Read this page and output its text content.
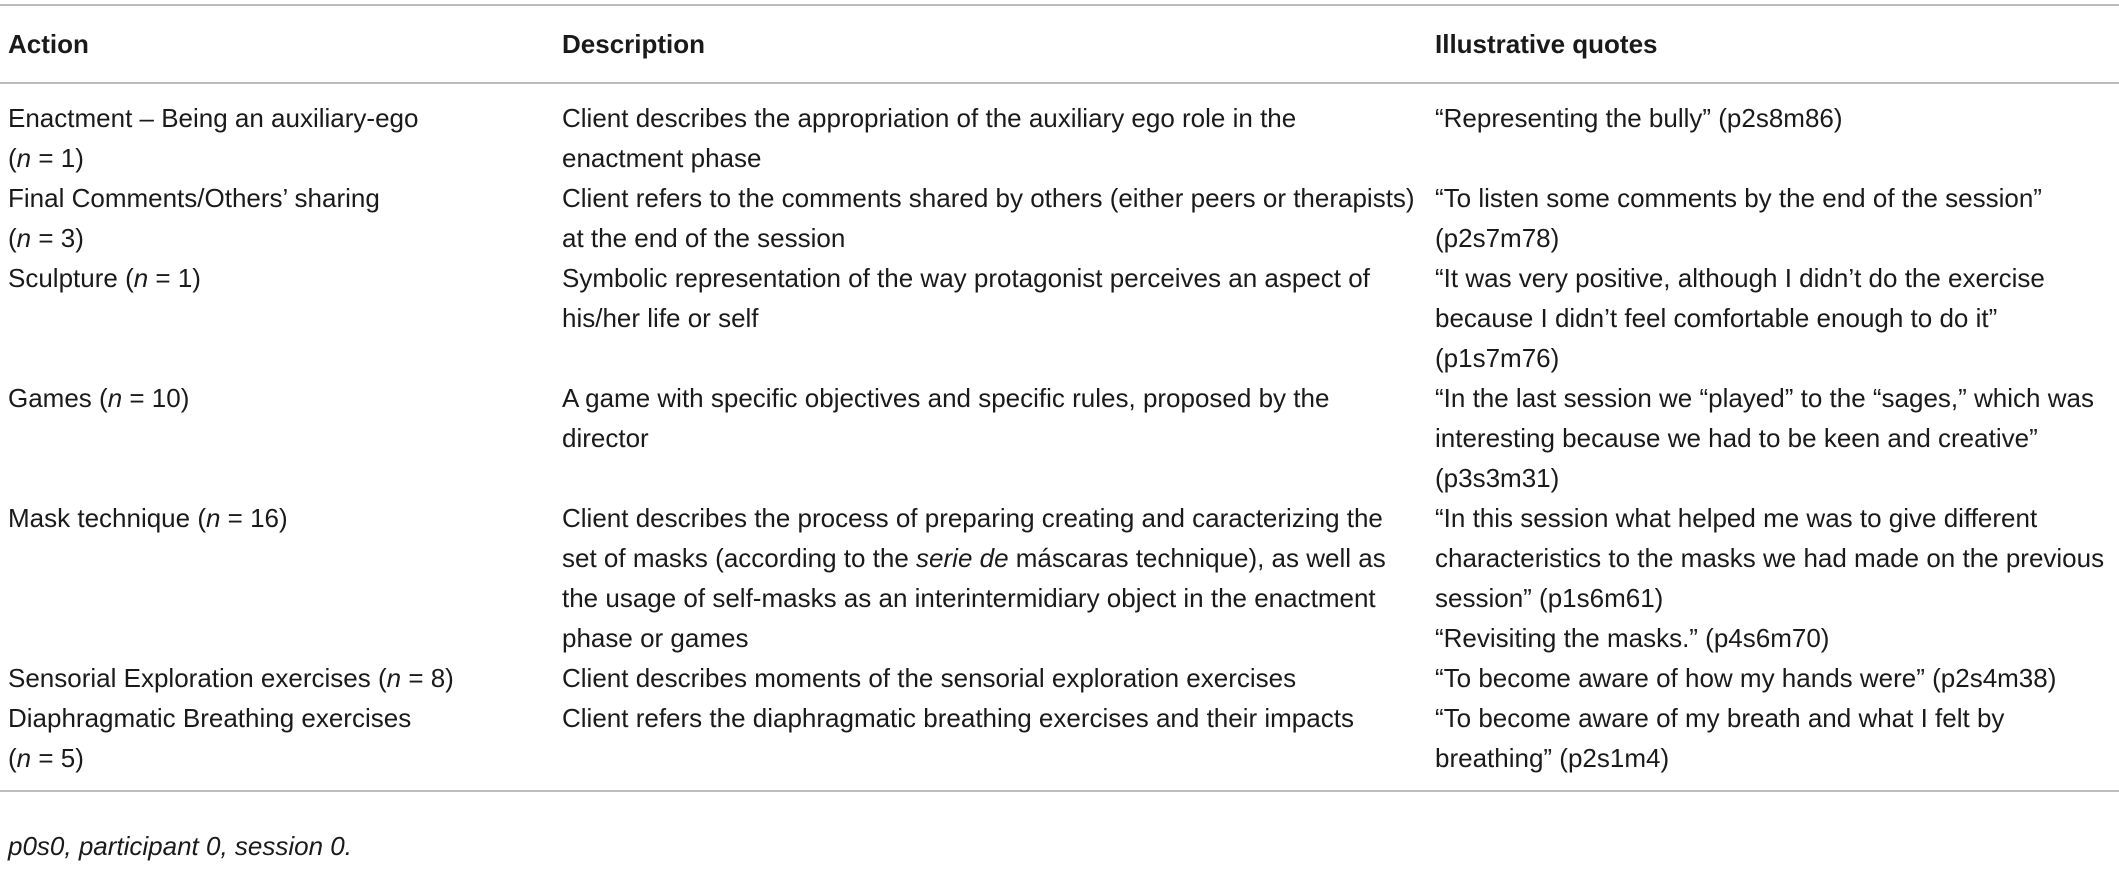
Action	Description	Illustrative quotes
Enactment – Being an auxiliary-ego
(n = 1)	Client describes the appropriation of the auxiliary ego role in the enactment phase	“Representing the bully” (p2s8m86)
Final Comments/Others’ sharing
(n = 3)	Client refers to the comments shared by others (either peers or therapists) at the end of the session	“To listen some comments by the end of the session” (p2s7m78)
Sculpture (n = 1)	Symbolic representation of the way protagonist perceives an aspect of his/her life or self	“It was very positive, although I didn’t do the exercise because I didn’t feel comfortable enough to do it” (p1s7m76)
Games (n = 10)	A game with specific objectives and specific rules, proposed by the director	“In the last session we “played” to the “sages,” which was interesting because we had to be keen and creative” (p3s3m31)
Mask technique (n = 16)	Client describes the process of preparing creating and caracterizing the set of masks (according to the serie de máscaras technique), as well as the usage of self-masks as an interintermidiary object in the enactment phase or games	“In this session what helped me was to give different characteristics to the masks we had made on the previous session” (p1s6m61)
“Revisiting the masks.” (p4s6m70)
Sensorial Exploration exercises (n = 8)	Client describes moments of the sensorial exploration exercises	“To become aware of how my hands were” (p2s4m38)
Diaphragmatic Breathing exercises
(n = 5)	Client refers the diaphragmatic breathing exercises and their impacts	“To become aware of my breath and what I felt by breathing” (p2s1m4)
p0s0, participant 0, session 0.
